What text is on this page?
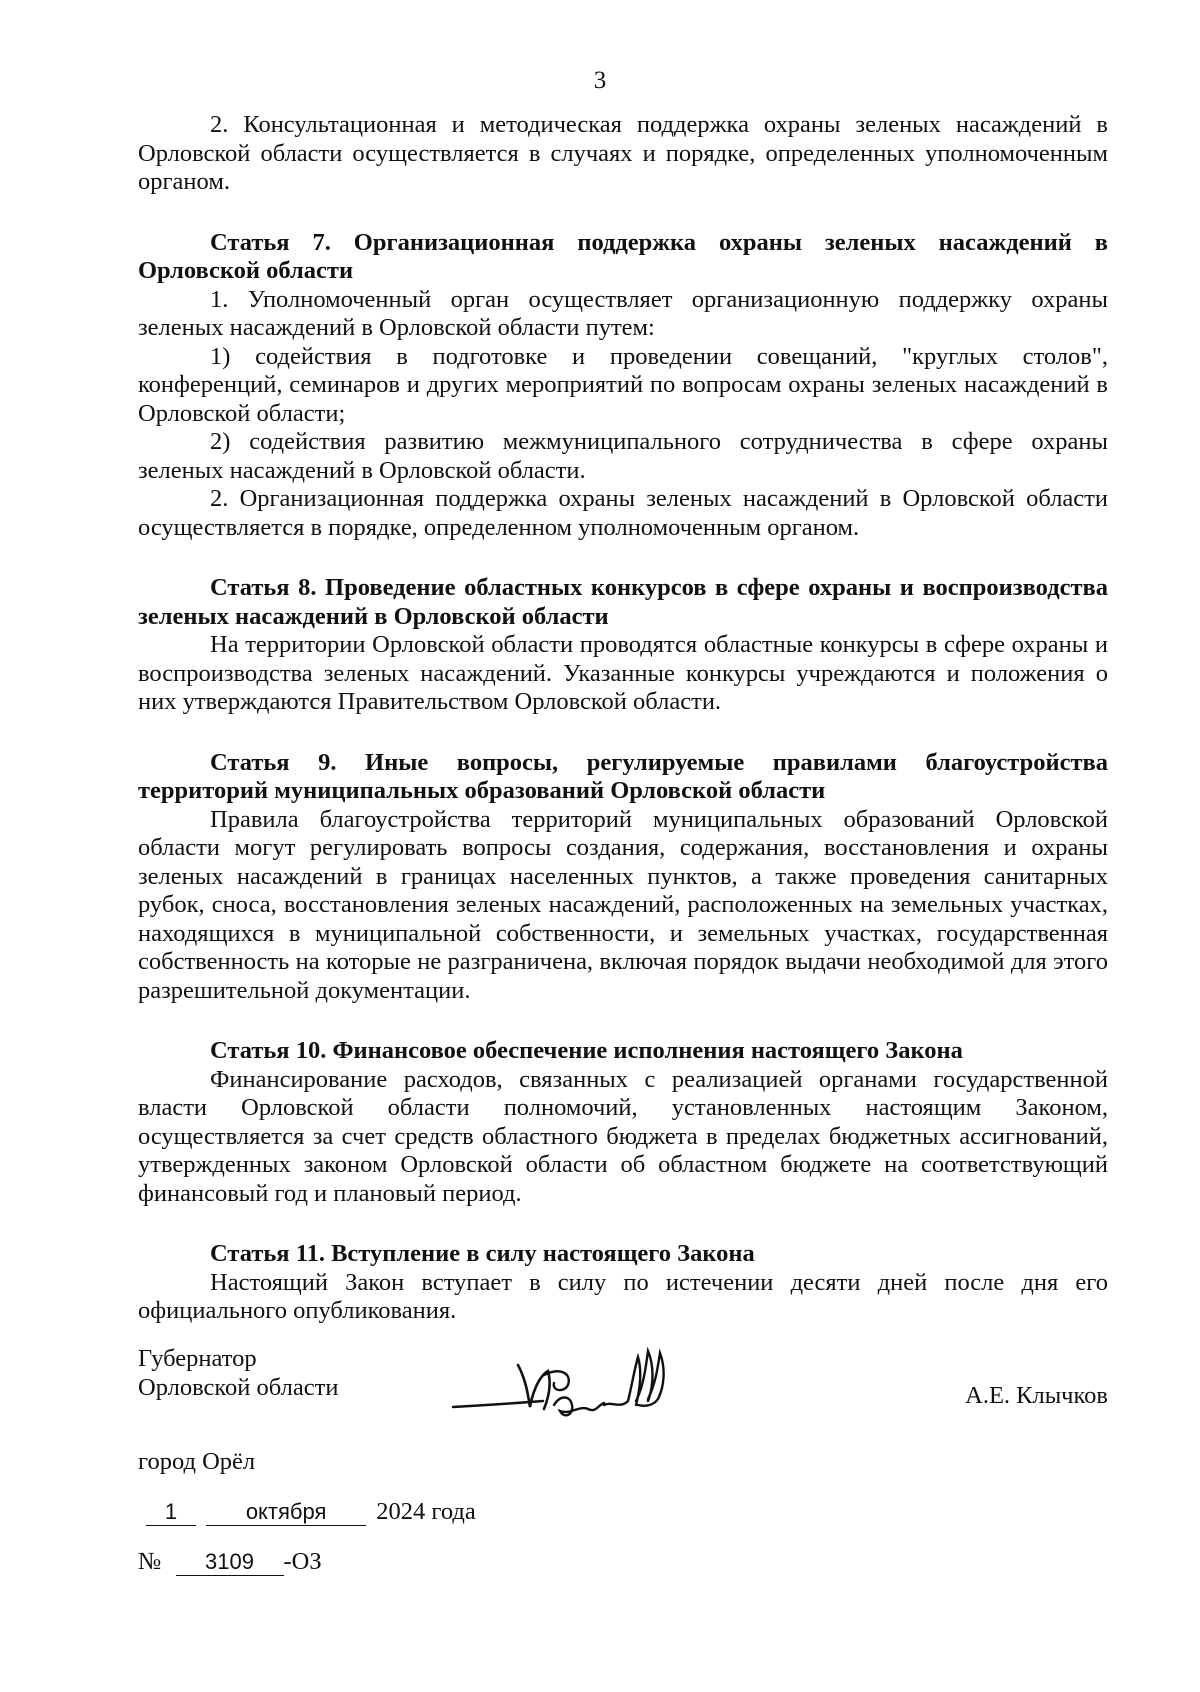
3

2. Консультационная и методическая поддержка охраны зеленых насаждений в Орловской области осуществляется в случаях и порядке, определенных уполномоченным органом.

Статья 7. Организационная поддержка охраны зеленых насаждений в Орловской области

1. Уполномоченный орган осуществляет организационную поддержку охраны зеленых насаждений в Орловской области путем:

1) содействия в подготовке и проведении совещаний, "круглых столов", конференций, семинаров и других мероприятий по вопросам охраны зеленых насаждений в Орловской области;

2) содействия развитию межмуниципального сотрудничества в сфере охраны зеленых насаждений в Орловской области.

2. Организационная поддержка охраны зеленых насаждений в Орловской области осуществляется в порядке, определенном уполномоченным органом.

Статья 8. Проведение областных конкурсов в сфере охраны и воспроизводства зеленых насаждений в Орловской области

На территории Орловской области проводятся областные конкурсы в сфере охраны и воспроизводства зеленых насаждений. Указанные конкурсы учреждаются и положения о них утверждаются Правительством Орловской области.

Статья 9. Иные вопросы, регулируемые правилами благоустройства территорий муниципальных образований Орловской области

Правила благоустройства территорий муниципальных образований Орловской области могут регулировать вопросы создания, содержания, восстановления и охраны зеленых насаждений в границах населенных пунктов, а также проведения санитарных рубок, сноса, восстановления зеленых насаждений, расположенных на земельных участках, находящихся в муниципальной собственности, и земельных участках, государственная собственность на которые не разграничена, включая порядок выдачи необходимой для этого разрешительной документации.

Статья 10. Финансовое обеспечение исполнения настоящего Закона

Финансирование расходов, связанных с реализацией органами государственной власти Орловской области полномочий, установленных настоящим Законом, осуществляется за счет средств областного бюджета в пределах бюджетных ассигнований, утвержденных законом Орловской области об областном бюджете на соответствующий финансовый год и плановый период.

Статья 11. Вступление в силу настоящего Закона

Настоящий Закон вступает в силу по истечении десяти дней после дня его официального опубликования.

Губернатор
Орловской области	А.Е. Клычков
город Орёл
1	октября 2024 года
№ 3109 -ОЗ
